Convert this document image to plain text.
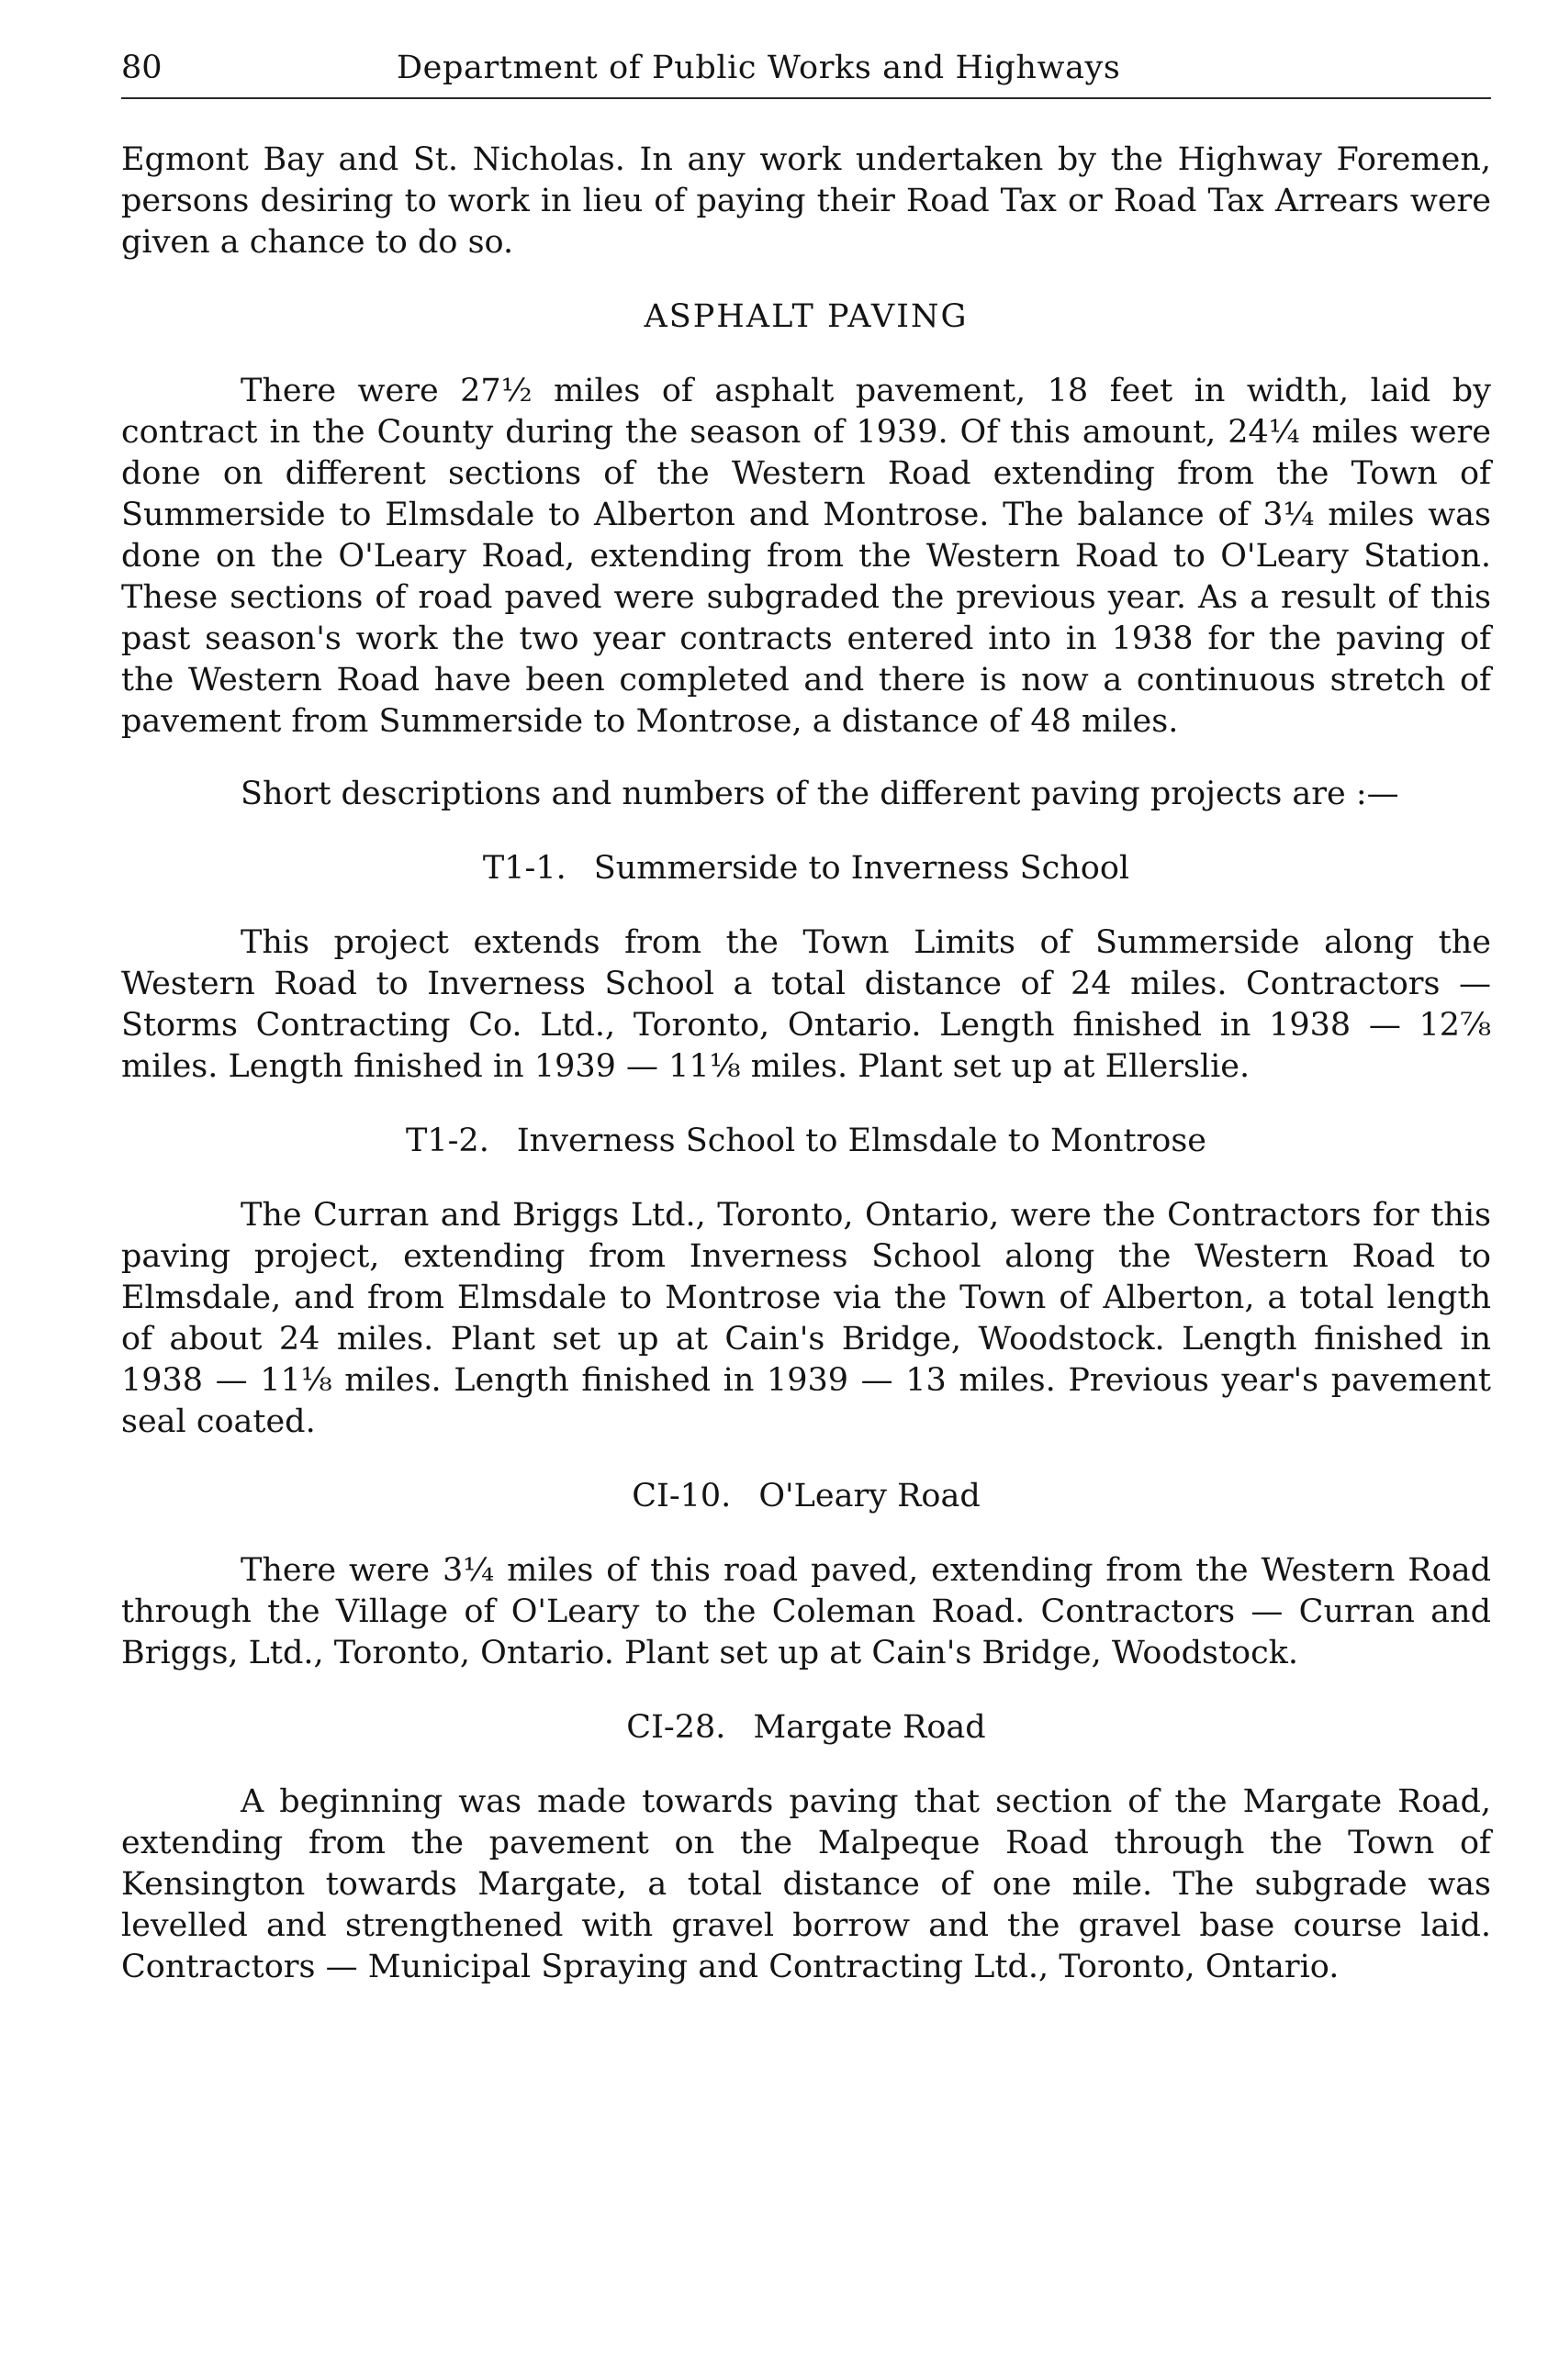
80	Department of Public Works and Highways

Egmont Bay and St. Nicholas. In any work undertaken by the Highway Foremen, persons desiring to work in lieu of paying their Road Tax or Road Tax Arrears were given a chance to do so.

ASPHALT PAVING

There were 27½ miles of asphalt pavement, 18 feet in width, laid by contract in the County during the season of 1939. Of this amount, 24¼ miles were done on different sections of the Western Road extending from the Town of Summerside to Elmsdale to Alberton and Montrose. The balance of 3¼ miles was done on the O'Leary Road, extending from the Western Road to O'Leary Station. These sections of road paved were subgraded the previous year. As a result of this past season's work the two year contracts entered into in 1938 for the paving of the Western Road have been completed and there is now a continuous stretch of pavement from Summerside to Montrose, a distance of 48 miles.

Short descriptions and numbers of the different paving projects are :—

T1-1. Summerside to Inverness School

This project extends from the Town Limits of Summerside along the Western Road to Inverness School a total distance of 24 miles. Contractors — Storms Contracting Co. Ltd., Toronto, Ontario. Length finished in 1938 — 12⅞ miles. Length finished in 1939 — 11⅛ miles. Plant set up at Ellerslie.

T1-2. Inverness School to Elmsdale to Montrose

The Curran and Briggs Ltd., Toronto, Ontario, were the Contractors for this paving project, extending from Inverness School along the Western Road to Elmsdale, and from Elmsdale to Montrose via the Town of Alberton, a total length of about 24 miles. Plant set up at Cain's Bridge, Woodstock. Length finished in 1938 — 11⅛ miles. Length finished in 1939 — 13 miles. Previous year's pavement seal coated.

CI-10. O'Leary Road

There were 3¼ miles of this road paved, extending from the Western Road through the Village of O'Leary to the Coleman Road. Contractors — Curran and Briggs, Ltd., Toronto, Ontario. Plant set up at Cain's Bridge, Woodstock.

CI-28. Margate Road

A beginning was made towards paving that section of the Margate Road, extending from the pavement on the Malpeque Road through the Town of Kensington towards Margate, a total distance of one mile. The subgrade was levelled and strengthened with gravel borrow and the gravel base course laid. Contractors — Municipal Spraying and Contracting Ltd., Toronto, Ontario.
